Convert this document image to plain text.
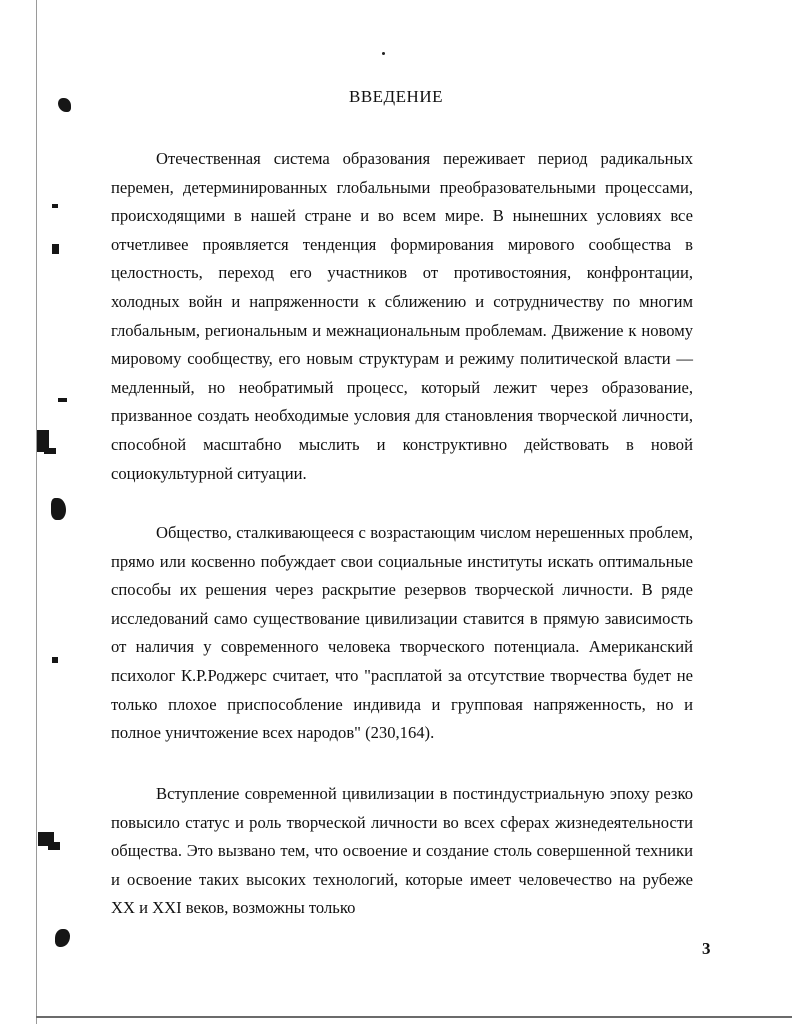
ВВЕДЕНИЕ

Отечественная система образования переживает период радикальных перемен, детерминированных глобальными преобразовательными процессами, происходящими в нашей стране и во всем мире. В нынешних условиях все отчетливее проявляется тенденция формирования мирового сообщества в целостность, переход его участников от противостояния, конфронтации, холодных войн и напряженности к сближению и сотрудничеству по многим глобальным, региональным и межнациональным проблемам. Движение к новому мировому сообществу, его новым структурам и режиму политической власти — медленный, но необратимый процесс, который лежит через образование, призванное создать необходимые условия для становления творческой личности, способной масштабно мыслить и конструктивно действовать в новой социокультурной ситуации.

Общество, сталкивающееся с возрастающим числом нерешенных проблем, прямо или косвенно побуждает свои социальные институты искать оптимальные способы их решения через раскрытие резервов творческой личности. В ряде исследований само существование цивилизации ставится в прямую зависимость от наличия у современного человека творческого потенциала. Американский психолог К.Р.Роджерс считает, что "расплатой за отсутствие творчества будет не только плохое приспособление индивида и групповая напряженность, но и полное уничтожение всех народов" (230,164).

Вступление современной цивилизации в постиндустриальную эпоху резко повысило статус и роль творческой личности во всех сферах жизнедеятельности общества. Это вызвано тем, что освоение и создание столь совершенной техники и освоение таких высоких технологий, которые имеет человечество на рубеже XX и XXI веков, возможны только

3
